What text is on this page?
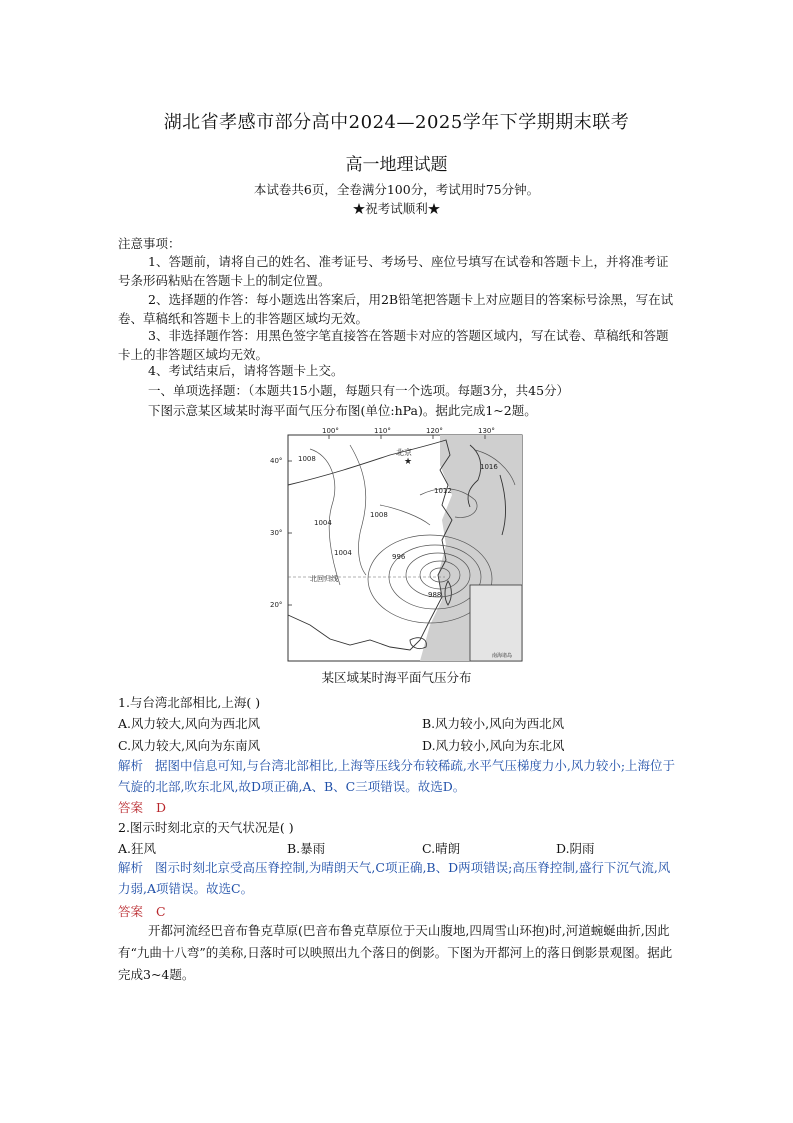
湖北省孝感市部分高中2024—2025学年下学期期末联考
高一地理试题
本试卷共6页，全卷满分100分，考试用时75分钟。
★祝考试顺利★
注意事项：
1、答题前，请将自己的姓名、准考证号、考场号、座位号填写在试卷和答题卡上，并将准考证号条形码粘贴在答题卡上的制定位置。
2、选择题的作答：每小题选出答案后，用2B铅笔把答题卡上对应题目的答案标号涂黑，写在试卷、草稿纸和答题卡上的非答题区域均无效。
3、非选择题作答：用黑色签字笔直接答在答题卡对应的答题区域内，写在试卷、草稿纸和答题卡上的非答题区域均无效。
4、考试结束后，请将答题卡上交。
一、单项选择题：（本题共15小题，每题只有一个选项。每题3分，共45分）
下图示意某区域某时海平面气压分布图(单位:hPa)。据此完成1~2题。
100°	110°	120°	130°
40°
30°
20°
北京
★
北回归线
南海诸岛
1008
1016
1012
1008
1004
1004	996
988
某区域某时海平面气压分布
1.与台湾北部相比,上海( )
A.风力较大,风向为西北风	B.风力较小,风向为西北风
C.风力较大,风向为东南风	D.风力较小,风向为东北风
解析 据图中信息可知,与台湾北部相比,上海等压线分布较稀疏,水平气压梯度力小,风力较小;上海位于气旋的北部,吹东北风,故D项正确,A、B、C三项错误。故选D。
答案 D
2.图示时刻北京的天气状况是( )
A.狂风	B.暴雨	C.晴朗	D.阴雨
解析 图示时刻北京受高压脊控制,为晴朗天气,C项正确,B、D两项错误;高压脊控制,盛行下沉气流,风力弱,A项错误。故选C。
答案 C
开都河流经巴音布鲁克草原(巴音布鲁克草原位于天山腹地,四周雪山环抱)时,河道蜿蜒曲折,因此有“九曲十八弯”的美称,日落时可以映照出九个落日的倒影。下图为开都河上的落日倒影景观图。据此完成3~4题。
